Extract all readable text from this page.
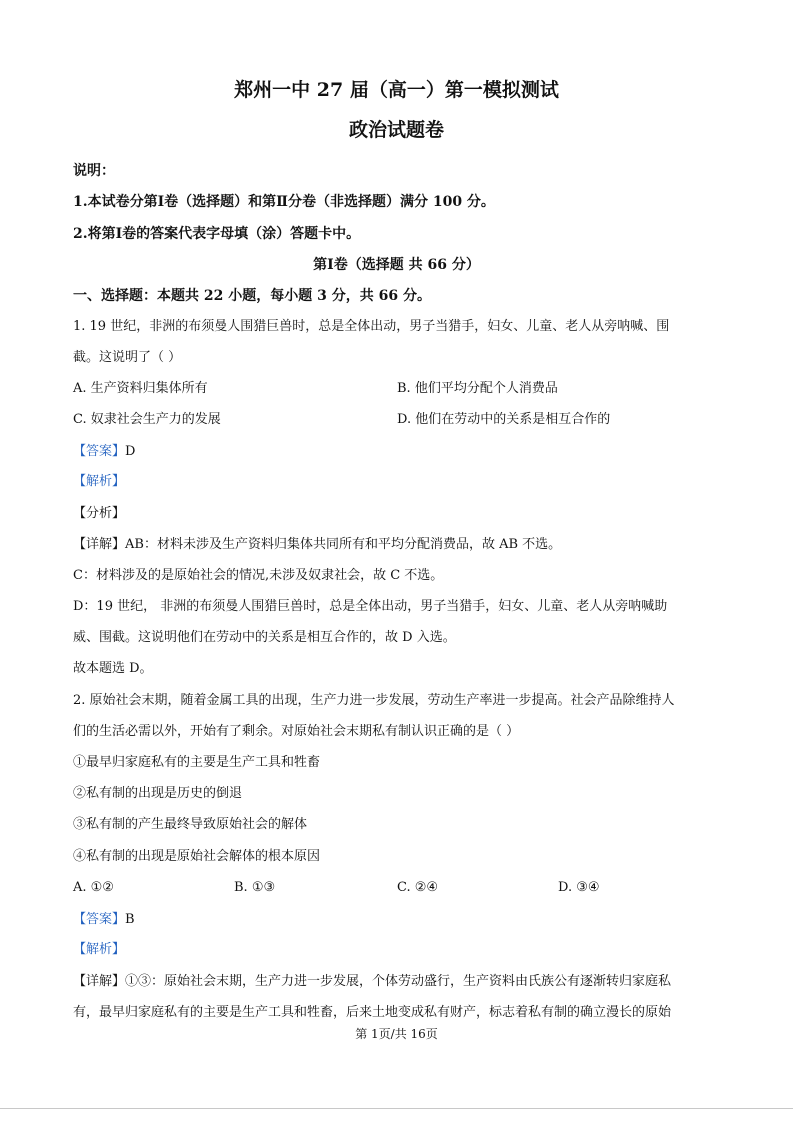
郑州一中 27 届（高一）第一模拟测试
政治试题卷
说明：
1.本试卷分第Ⅰ卷（选择题）和第Ⅱ分卷（非选择题）满分 100 分。
2.将第Ⅰ卷的答案代表字母填（涂）答题卡中。
第Ⅰ卷（选择题 共 66 分）
一、选择题：本题共 22 小题，每小题 3 分，共 66 分。
1. 19 世纪，非洲的布须曼人围猎巨兽时，总是全体出动，男子当猎手，妇女、儿童、老人从旁呐喊、围
截。这说明了（ ）
A. 生产资料归集体所有	B. 他们平均分配个人消费品
C. 奴隶社会生产力的发展	D. 他们在劳动中的关系是相互合作的
【答案】D
【解析】
【分析】
【详解】AB：材料未涉及生产资料归集体共同所有和平均分配消费品，故 AB 不选。
C：材料涉及的是原始社会的情况,未涉及奴隶社会，故 C 不选。
D：19 世纪， 非洲的布须曼人围猎巨兽时，总是全体出动，男子当猎手，妇女、儿童、老人从旁呐喊助
威、围截。这说明他们在劳动中的关系是相互合作的，故 D 入选。
故本题选 D。
2. 原始社会末期，随着金属工具的出现，生产力进一步发展，劳动生产率进一步提高。社会产品除维持人
们的生活必需以外，开始有了剩余。对原始社会末期私有制认识正确的是（ ）
①最早归家庭私有的主要是生产工具和牲畜
②私有制的出现是历史的倒退
③私有制的产生最终导致原始社会的解体
④私有制的出现是原始社会解体的根本原因
A. ①②	B. ①③	C. ②④	D. ③④
【答案】B
【解析】
【详解】①③：原始社会末期，生产力进一步发展，个体劳动盛行，生产资料由氏族公有逐渐转归家庭私
有，最早归家庭私有的主要是生产工具和牲畜，后来土地变成私有财产，标志着私有制的确立漫长的原始
第 1页/共 16页
